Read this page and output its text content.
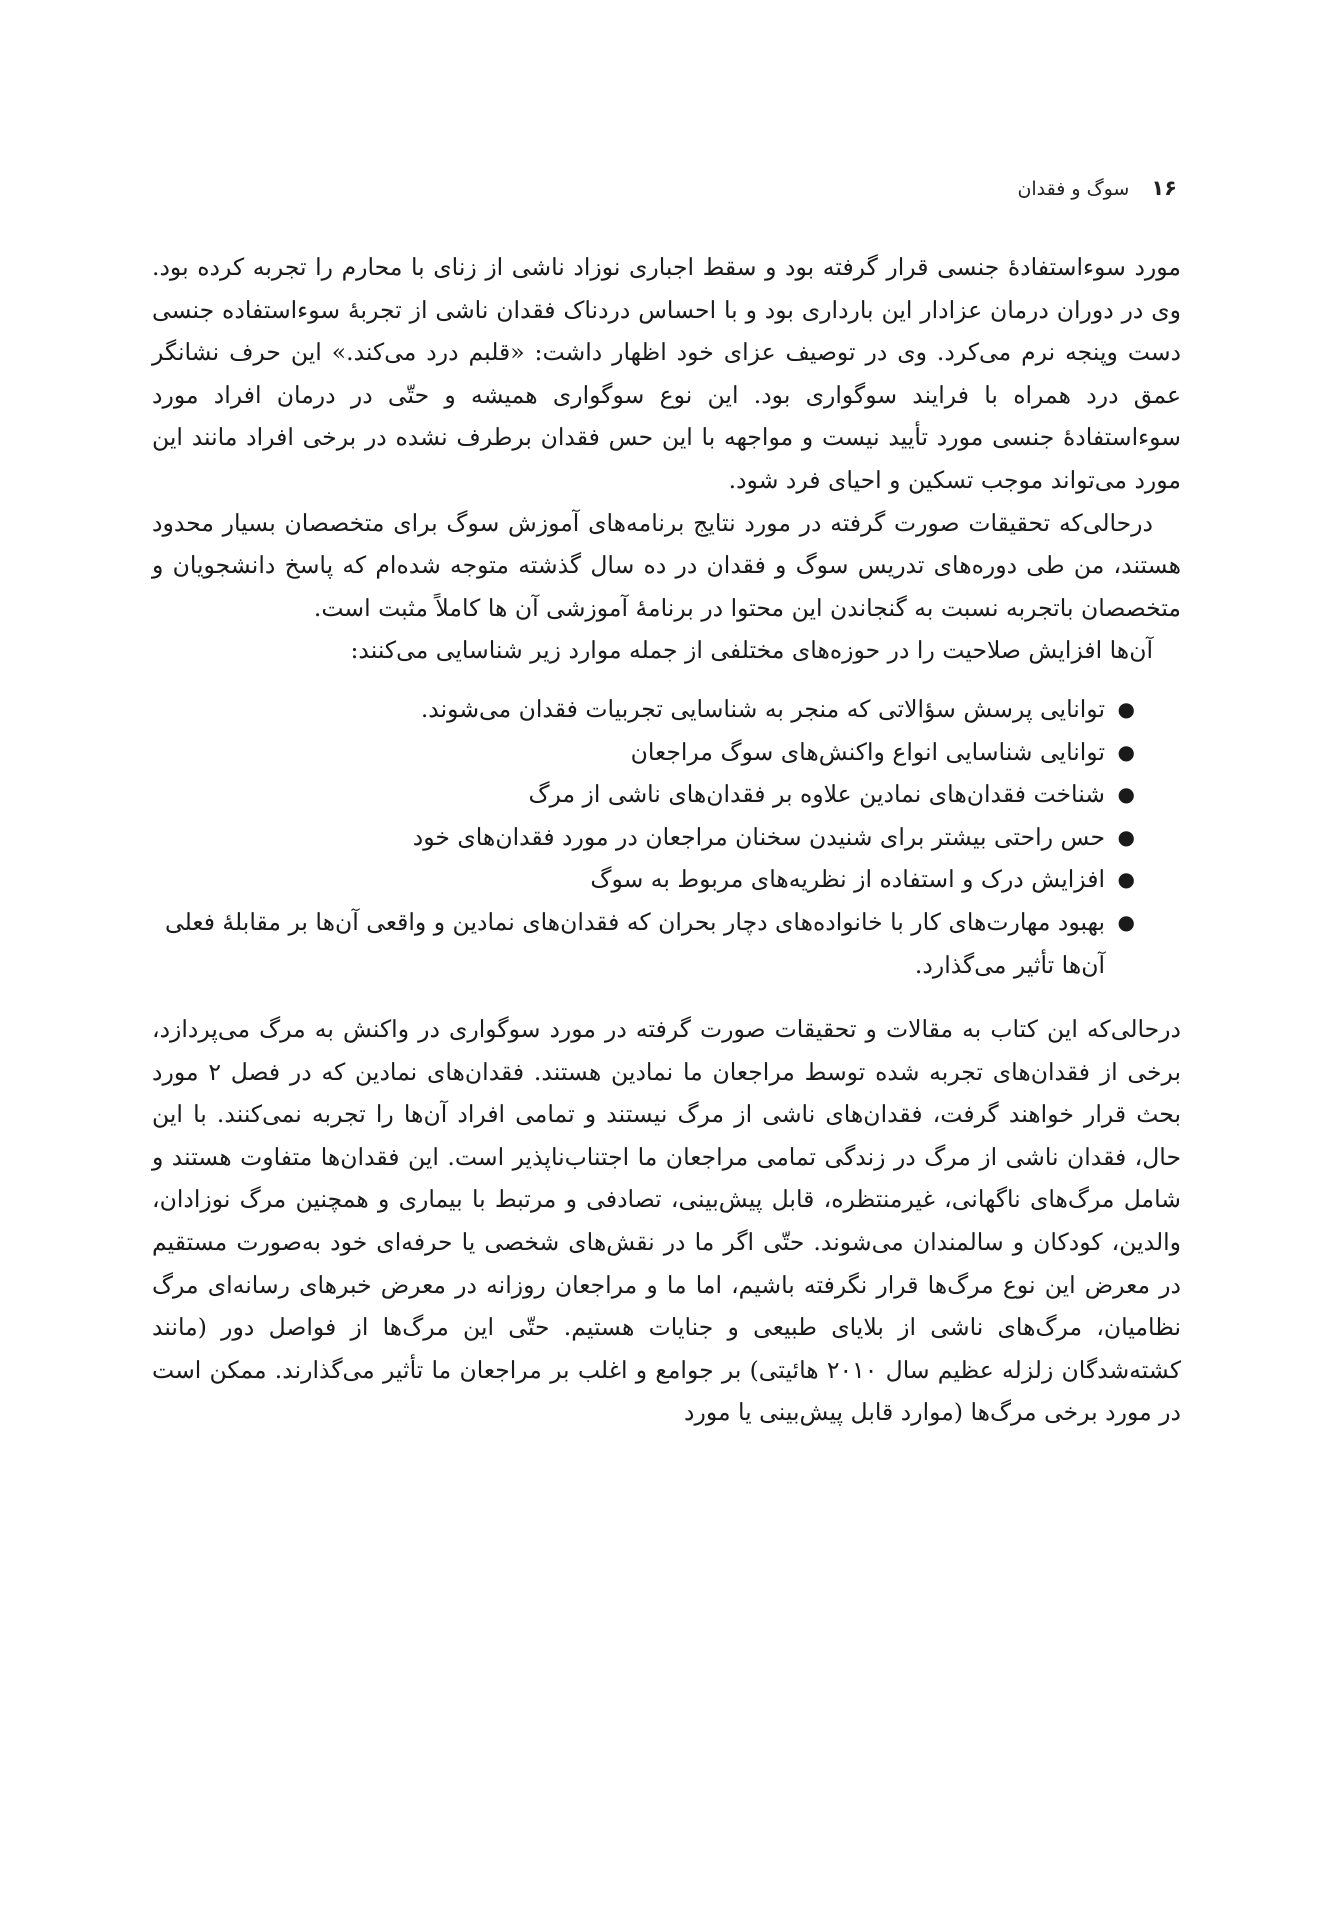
۱۶
سوگ و فقدان

مورد سوءاستفادهٔ جنسی قرار گرفته بود و سقط اجباری نوزاد ناشی از زنای با محارم را تجربه کرده بود. وی در دوران درمان عزادار این بارداری بود و با احساس دردناک فقدان ناشی از تجربهٔ سوءاستفاده جنسی دست وپنجه نرم می‌کرد. وی در توصیف عزای خود اظهار داشت: «قلبم درد می‌کند.» این حرف نشانگر عمق درد همراه با فرایند سوگواری بود. این نوع سوگواری همیشه و حتّی در درمان افراد مورد سوءاستفادهٔ جنسی مورد تأیید نیست و مواجهه با این حس فقدان برطرف نشده در برخی افراد مانند این مورد می‌تواند موجب تسکین و احیای فرد شود.

درحالی‌که تحقیقات صورت گرفته در مورد نتایج برنامه‌های آموزش سوگ برای متخصصان بسیار محدود هستند، من طی دوره‌های تدریس سوگ و فقدان در ده سال گذشته متوجه شده‌ام که پاسخ دانشجویان و متخصصان باتجربه نسبت به گنجاندن این محتوا در برنامهٔ آموزشی آن ها کاملاً مثبت است.

آن‌ها افزایش صلاحیت را در حوزه‌های مختلفی از جمله موارد زیر شناسایی می‌کنند:

●
توانایی پرسش سؤالاتی که منجر به شناسایی تجربیات فقدان می‌شوند.
●
توانایی شناسایی انواع واکنش‌های سوگ مراجعان
●
شناخت فقدان‌های نمادین علاوه بر فقدان‌های ناشی از مرگ
●
حس راحتی بیشتر برای شنیدن سخنان مراجعان در مورد فقدان‌های خود
●
افزایش درک و استفاده از نظریه‌های مربوط به سوگ
●
بهبود مهارت‌های کار با خانواده‌های دچار بحران که فقدان‌های نمادین و واقعی آن‌ها بر مقابلهٔ فعلی آن‌ها تأثیر می‌گذارد.

درحالی‌که این کتاب به مقالات و تحقیقات صورت گرفته در مورد سوگواری در واکنش به مرگ می‌پردازد، برخی از فقدان‌های تجربه شده توسط مراجعان ما نمادین هستند. فقدان‌های نمادین که در فصل ۲ مورد بحث قرار خواهند گرفت، فقدان‌های ناشی از مرگ نیستند و تمامی افراد آن‌ها را تجربه نمی‌کنند. با این حال، فقدان ناشی از مرگ در زندگی تمامی مراجعان ما اجتناب‌ناپذیر است. این فقدان‌ها متفاوت هستند و شامل مرگ‌های ناگهانی، غیرمنتظره، قابل پیش‌بینی، تصادفی و مرتبط با بیماری و همچنین مرگ نوزادان، والدین، کودکان و سالمندان می‌شوند. حتّی اگر ما در نقش‌های شخصی یا حرفه‌ای خود به‌صورت مستقیم در معرض این نوع مرگ‌ها قرار نگرفته باشیم، اما ما و مراجعان روزانه در معرض خبرهای رسانه‌ای مرگ نظامیان، مرگ‌های ناشی از بلایای طبیعی و جنایات هستیم. حتّی این مرگ‌ها از فواصل دور (مانند کشته‌شدگان زلزله عظیم سال ۲۰۱۰ هائیتی) بر جوامع و اغلب بر مراجعان ما تأثیر می‌گذارند. ممکن است در مورد برخی مرگ‌ها (موارد قابل پیش‌بینی یا مورد
